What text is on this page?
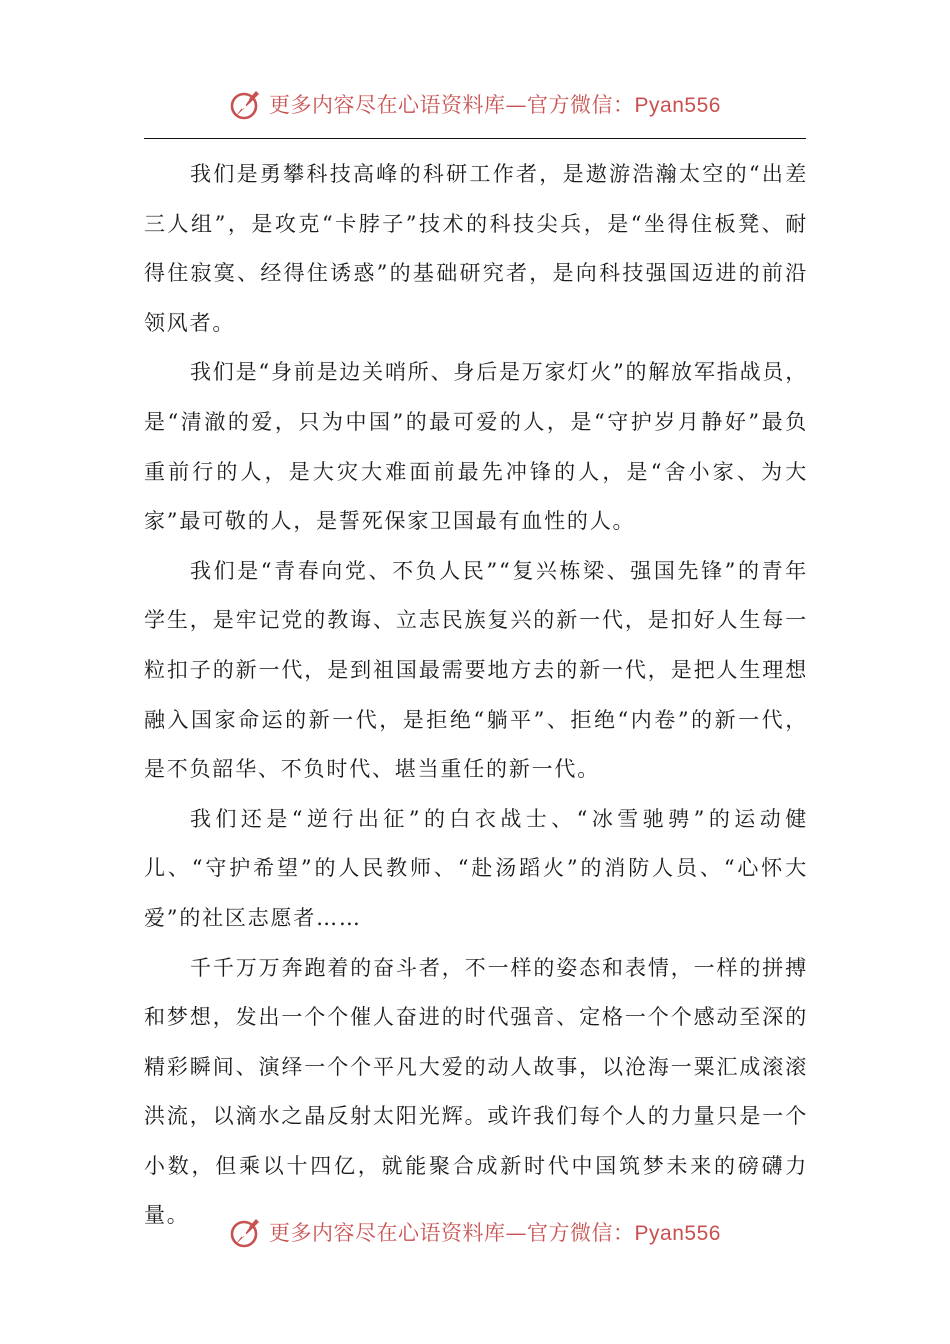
更多内容尽在心语资料库—官方微信：Pyan556

我们是勇攀科技高峰的科研工作者，是遨游浩瀚太空的“出差三人组”，是攻克“卡脖子”技术的科技尖兵，是“坐得住板凳、耐得住寂寞、经得住诱惑”的基础研究者，是向科技强国迈进的前沿领风者。

我们是“身前是边关哨所、身后是万家灯火”的解放军指战员，是“清澈的爱，只为中国”的最可爱的人，是“守护岁月静好”最负重前行的人，是大灾大难面前最先冲锋的人，是“舍小家、为大家”最可敬的人，是誓死保家卫国最有血性的人。

我们是“青春向党、不负人民”“复兴栋梁、强国先锋”的青年学生，是牢记党的教诲、立志民族复兴的新一代，是扣好人生每一粒扣子的新一代，是到祖国最需要地方去的新一代，是把人生理想融入国家命运的新一代，是拒绝“躺平”、拒绝“内卷”的新一代，是不负韶华、不负时代、堪当重任的新一代。

我们还是“逆行出征”的白衣战士、“冰雪驰骋”的运动健儿、“守护希望”的人民教师、“赴汤蹈火”的消防人员、“心怀大爱”的社区志愿者……

千千万万奔跑着的奋斗者，不一样的姿态和表情，一样的拼搏和梦想，发出一个个催人奋进的时代强音、定格一个个感动至深的精彩瞬间、演绎一个个平凡大爱的动人故事，以沧海一粟汇成滚滚洪流，以滴水之晶反射太阳光辉。或许我们每个人的力量只是一个小数，但乘以十四亿，就能聚合成新时代中国筑梦未来的磅礴力量。

更多内容尽在心语资料库—官方微信：Pyan556
